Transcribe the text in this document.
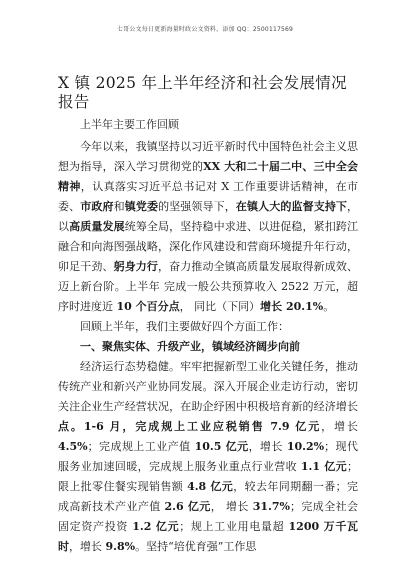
七哥公文每日更新海量时政公文资料，添加 QQ：2500117569
X 镇 2025 年上半年经济和社会发展情况报告
上半年主要工作回顾

今年以来，我镇坚持以习近平新时代中国特色社会主义思想为指导，深入学习贯彻党的XX 大和二十届二中、三中全会精神，认真落实习近平总书记对 X 工作重要讲话精神，在市委、市政府和镇党委的坚强领导下，在镇人大的监督支持下，以高质量发展统筹全局，坚持稳中求进、以进促稳，紧扣跨江融合和向海图强战略，深化作风建设和营商环境提升年行动，卯足干劲、躬身力行，奋力推动全镇高质量发展取得新成效、迈上新台阶。上半年 完成一般公共预算收入 2522 万元，超序时进度近 10 个百分点， 同比（下同）增长 20.1%。

回顾上半年，我们主要做好四个方面工作：

一、聚焦实体、升级产业，镇域经济阔步向前

经济运行态势稳健。牢牢把握新型工业化关键任务，推动传统产业和新兴产业协同发展。深入开展企业走访行动，密切关注企业生产经营状况，在助企纾困中积极培育新的经济增长点。1-6 月，完成规上工业应税销售 7.9 亿元，增长 4.5%；完成规上工业产值 10.5 亿元，增长 10.2%；现代服务业加速回暖，完成规上服务业重点行业营收 1.1 亿元；限上批零住餐实现销售额 4.8 亿元，较去年同期翻一番；完成高新技术产业产值 2.6 亿元， 增长 31.7%；完成全社会固定资产投资 1.2 亿元；规上工业用电量超 1200 万千瓦时，增长 9.8%。坚持“培优育强”工作思
